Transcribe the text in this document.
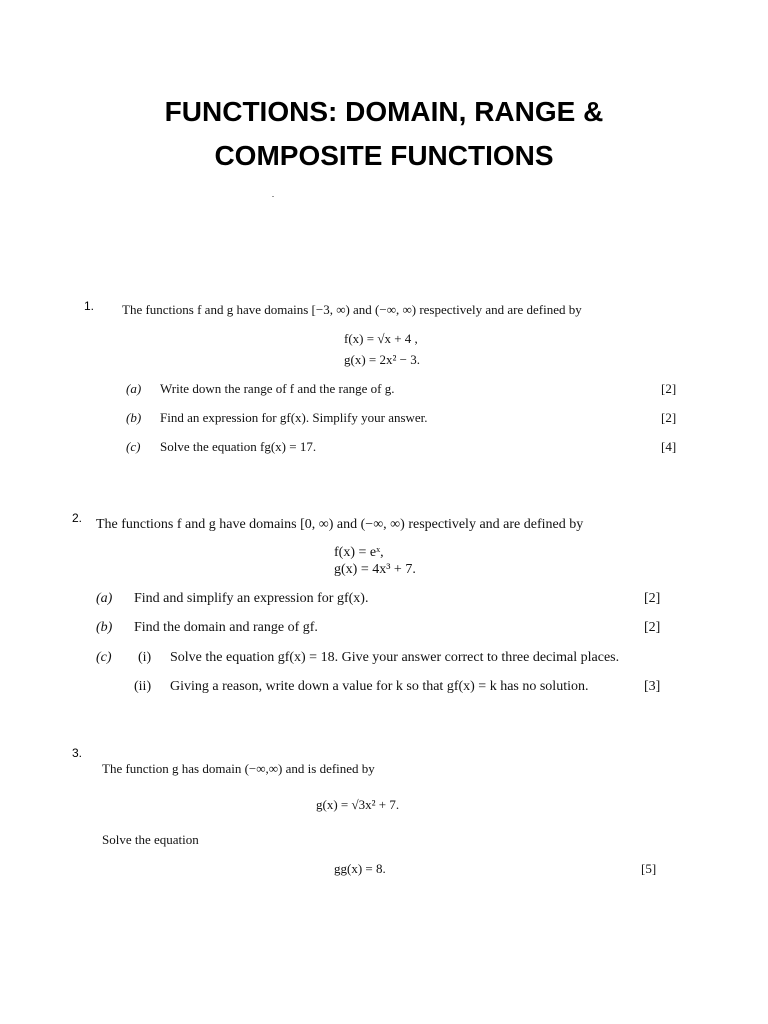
FUNCTIONS: DOMAIN, RANGE &
COMPOSITE FUNCTIONS
1. The functions f and g have domains [−3, ∞) and (−∞, ∞) respectively and are defined by
f(x) = √x + 4 ,
g(x) = 2x² − 3.
(a) Write down the range of f and the range of g.	[2]
(b) Find an expression for gf(x). Simplify your answer.	[2]
(c) Solve the equation fg(x) = 17.	[4]
2. The functions f and g have domains [0, ∞) and (−∞, ∞) respectively and are defined by
f(x) = eˣ,
g(x) = 4x³ + 7.
(a) Find and simplify an expression for gf(x).	[2]
(b) Find the domain and range of gf.	[2]
(c) (i) Solve the equation gf(x) = 18. Give your answer correct to three decimal places.
(ii) Giving a reason, write down a value for k so that gf(x) = k has no solution.	[3]
3.
The function g has domain (−∞,∞) and is defined by
g(x) = √3x² + 7.
Solve the equation
gg(x) = 8.	[5]
